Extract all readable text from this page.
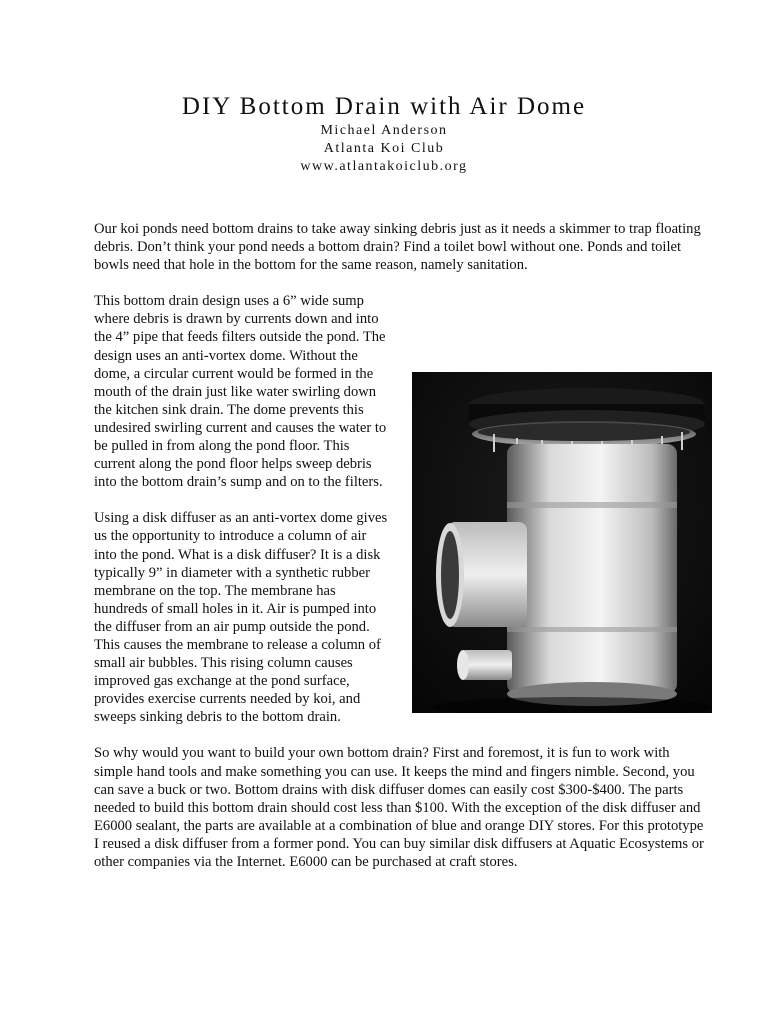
DIY Bottom Drain with Air Dome
Michael Anderson
Atlanta Koi Club
www.atlantakoiclub.org

Our koi ponds need bottom drains to take away sinking debris just as it needs a skimmer to trap floating debris. Don’t think your pond needs a bottom drain? Find a toilet bowl without one. Ponds and toilet bowls need that hole in the bottom for the same reason, namely sanitation.

This bottom drain design uses a 6” wide sump where debris is drawn by currents down and into the 4” pipe that feeds filters outside the pond. The design uses an anti-vortex dome. Without the dome, a circular current would be formed in the mouth of the drain just like water swirling down the kitchen sink drain. The dome prevents this undesired swirling current and causes the water to be pulled in from along the pond floor. This current along the pond floor helps sweep debris into the bottom drain’s sump and on to the filters.

Using a disk diffuser as an anti-vortex dome gives us the opportunity to introduce a column of air into the pond. What is a disk diffuser? It is a disk typically 9” in diameter with a synthetic rubber membrane on the top. The membrane has hundreds of small holes in it. Air is pumped into the diffuser from an air pump outside the pond. This causes the membrane to release a column of small air bubbles. This rising column causes improved gas exchange at the pond surface, provides exercise currents needed by koi, and sweeps sinking debris to the bottom drain.

So why would you want to build your own bottom drain? First and foremost, it is fun to work with simple hand tools and make something you can use. It keeps the mind and fingers nimble. Second, you can save a buck or two. Bottom drains with disk diffuser domes can easily cost $300-$400. The parts needed to build this bottom drain should cost less than $100. With the exception of the disk diffuser and E6000 sealant, the parts are available at a combination of blue and orange DIY stores. For this prototype I reused a disk diffuser from a former pond. You can buy similar disk diffusers at Aquatic Ecosystems or other companies via the Internet. E6000 can be purchased at craft stores.
